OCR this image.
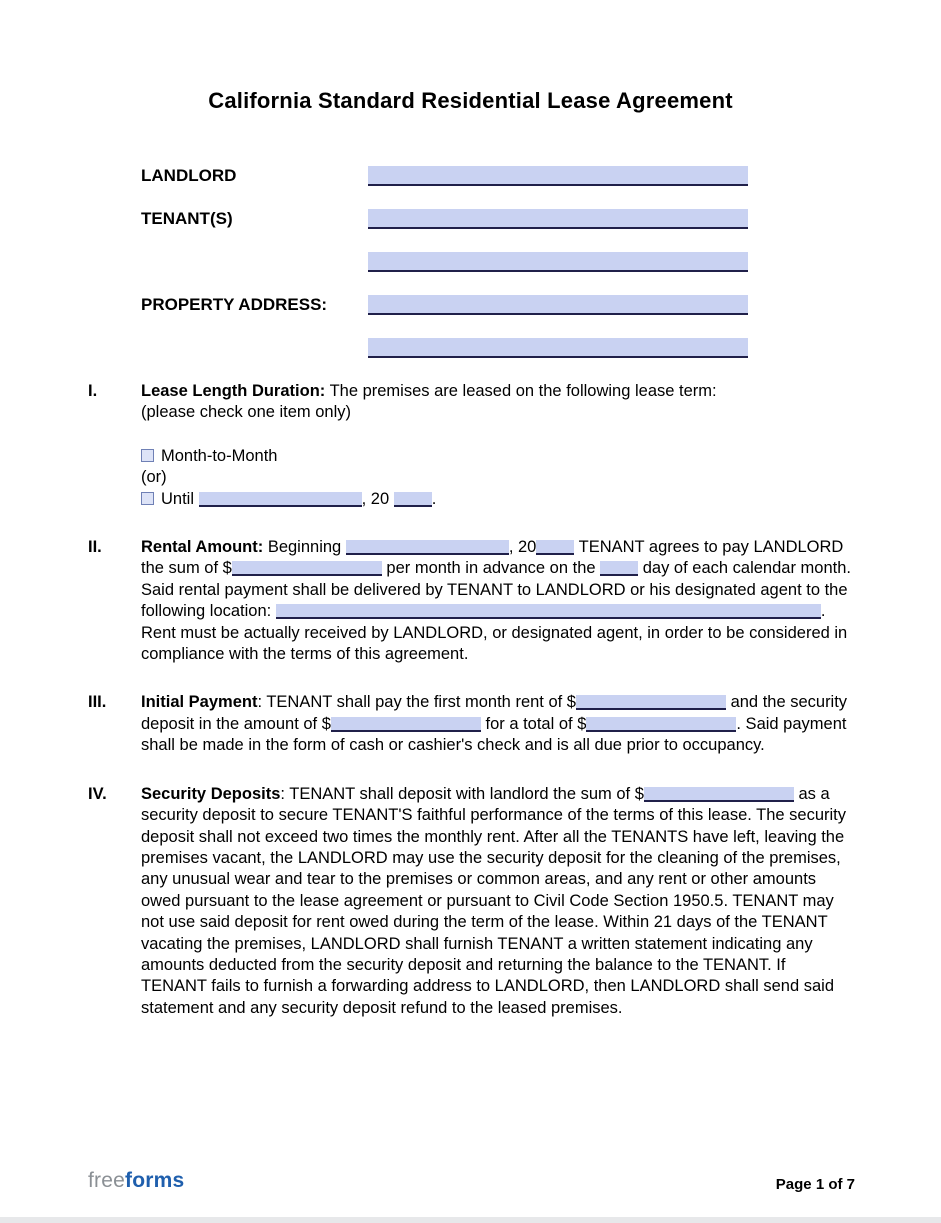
California Standard Residential Lease Agreement
LANDLORD
TENANT(S)
PROPERTY ADDRESS:
I.	Lease Length Duration: The premises are leased on the following lease term:
(please check one item only)

Month-to-Month
(or)
Until	, 20	.
II.	Rental Amount: Beginning	, 20	TENANT agrees to pay LANDLORD the sum of $	per month in advance on the	day of each calendar month. Said rental payment shall be delivered by TENANT to LANDLORD or his designated agent to the following location:	. Rent must be actually received by LANDLORD, or designated agent, in order to be considered in compliance with the terms of this agreement.

III.	Initial Payment: TENANT shall pay the first month rent of $	and the security deposit in the amount of $	for a total of $	. Said payment shall be made in the form of cash or cashier's check and is all due prior to occupancy.

IV.	Security Deposits: TENANT shall deposit with landlord the sum of $	as a security deposit to secure TENANT'S faithful performance of the terms of this lease. The security deposit shall not exceed two times the monthly rent. After all the TENANTS have left, leaving the premises vacant, the LANDLORD may use the security deposit for the cleaning of the premises, any unusual wear and tear to the premises or common areas, and any rent or other amounts owed pursuant to the lease agreement or pursuant to Civil Code Section 1950.5. TENANT may not use said deposit for rent owed during the term of the lease. Within 21 days of the TENANT vacating the premises, LANDLORD shall furnish TENANT a written statement indicating any amounts deducted from the security deposit and returning the balance to the TENANT. If TENANT fails to furnish a forwarding address to LANDLORD, then LANDLORD shall send said statement and any security deposit refund to the leased premises.

freeforms	Page 1 of 7
